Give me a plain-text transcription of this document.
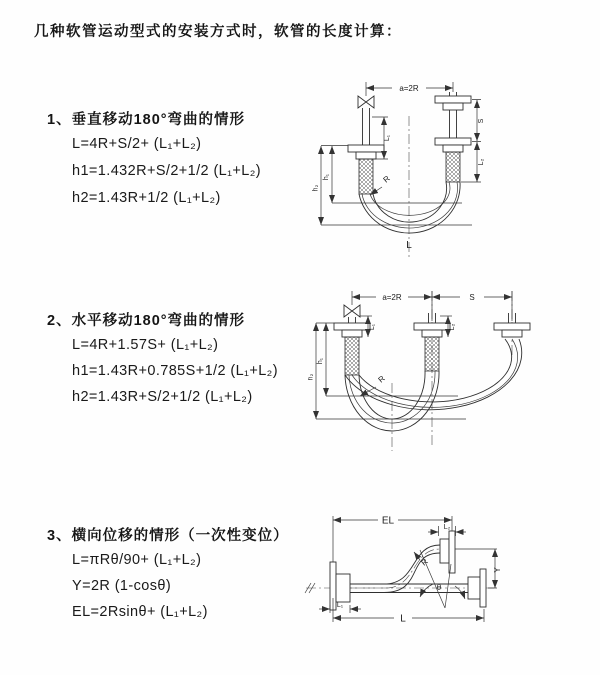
几种软管运动型式的安装方式时，软管的长度计算：
1、垂直移动180°弯曲的情形
L=4R+S/2+ (L₁+L₂)
h1=1.432R+S/2+1/2 (L₁+L₂)
h2=1.43R+1/2 (L₁+L₂)
2、水平移动180°弯曲的情形
L=4R+1.57S+ (L₁+L₂)
h1=1.43R+0.785S+1/2 (L₁+L₂)
h2=1.43R+S/2+1/2 (L₁+L₂)
3、横向位移的情形（一次性变位）
L=πRθ/90+ (L₁+L₂)
Y=2R (1-cosθ)
EL=2Rsinθ+ (L₁+L₂)
a=2R
R
h₁
h₂
L₁
S
L₂
L
a=2R	S
R
h₁
h₂
L₁	L₂
EL
L₂
Y
L
L₁
R
θ
